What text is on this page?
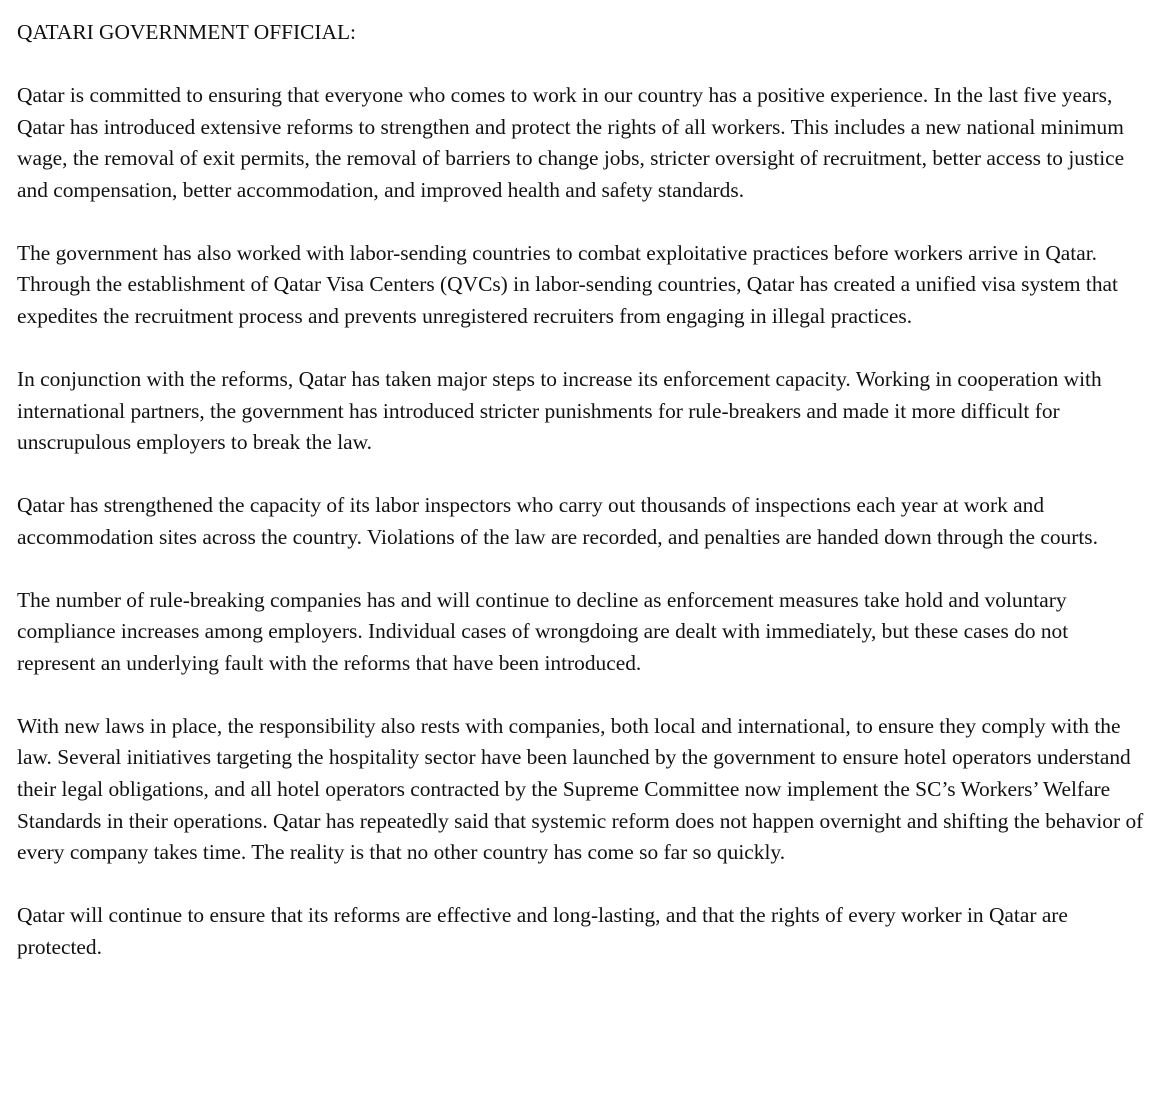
QATARI GOVERNMENT OFFICIAL:

Qatar is committed to ensuring that everyone who comes to work in our country has a positive experience. In the last five years, Qatar has introduced extensive reforms to strengthen and protect the rights of all workers. This includes a new national minimum wage, the removal of exit permits, the removal of barriers to change jobs, stricter oversight of recruitment, better access to justice and compensation, better accommodation, and improved health and safety standards.

The government has also worked with labor-sending countries to combat exploitative practices before workers arrive in Qatar. Through the establishment of Qatar Visa Centers (QVCs) in labor-sending countries, Qatar has created a unified visa system that expedites the recruitment process and prevents unregistered recruiters from engaging in illegal practices.

In conjunction with the reforms, Qatar has taken major steps to increase its enforcement capacity. Working in cooperation with international partners, the government has introduced stricter punishments for rule-breakers and made it more difficult for unscrupulous employers to break the law.

Qatar has strengthened the capacity of its labor inspectors who carry out thousands of inspections each year at work and accommodation sites across the country. Violations of the law are recorded, and penalties are handed down through the courts.

The number of rule-breaking companies has and will continue to decline as enforcement measures take hold and voluntary compliance increases among employers. Individual cases of wrongdoing are dealt with immediately, but these cases do not represent an underlying fault with the reforms that have been introduced.

With new laws in place, the responsibility also rests with companies, both local and international, to ensure they comply with the law. Several initiatives targeting the hospitality sector have been launched by the government to ensure hotel operators understand their legal obligations, and all hotel operators contracted by the Supreme Committee now implement the SC’s Workers’ Welfare Standards in their operations. Qatar has repeatedly said that systemic reform does not happen overnight and shifting the behavior of every company takes time. The reality is that no other country has come so far so quickly.

Qatar will continue to ensure that its reforms are effective and long-lasting, and that the rights of every worker in Qatar are protected.
